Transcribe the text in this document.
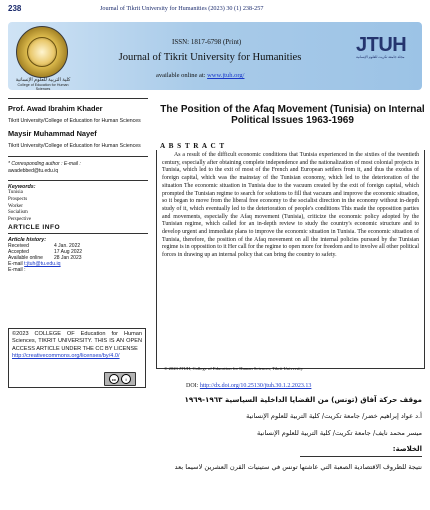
238	Journal of Tikrit University for Humanities (2023) 30 (1) 238-257
كلية التربية للعلوم الإنسانية
College of Education for Human Sciences
ISSN: 1817-6798 (Print)
Journal of Tikrit University for Humanities
available online at: www.jtuh.org/
JTUH
مجلة جامعة تكريت للعلوم الإنسانية
Prof. Awad Ibrahim Khader
Tikrit University/College of Education for Human Sciences
Maysir Muhammad Nayef
Tikrit University/College of Education for Human Sciences
* Corresponding author : E-mail :
awadebbed@tu.edu.iq
Keywords:
Tunisia
Prospects
Worker
Socialism
Perspective
ARTICLE INFO
Article history:
Received	4 Jan. 2022
Accepted	17 Aug 2022
Available online	28 Jan 2023
E-mail t:jtuh@tu.edu.iq
E-mail :
©2023 COLLEGE OF Education for Human Sciences, TIKRIT UNIVERSITY. THIS IS AN OPEN ACCESS ARTICLE UNDER THE CC BY LICENSE
http://creativecommons.org/licenses/by/4.0/
cc	i
The Position of the Afaq Movement (Tunisia) on Internal Political Issues 1963-1969
A B S T R A C T
As a result of the difficult economic conditions that Tunisia experienced in the sixties of the twentieth century, especially after obtaining complete independence and the nationalization of most colonial projects in Tunisia, which led to the exit of most of the French and European settlers from it, and thus the exodus of foreign capital, which was the mainstay of the Tunisian economy, which led to the deterioration of the situation The economic situation in Tunisia due to the vacuum created by the exit of foreign capital, which prompted the Tunisian regime to search for solutions to fill that vacuum and improve the economic situation, so it began to move from the liberal free economy to the socialist direction in the economy without in-depth study of it, which eventually led to the deterioration of people's conditions This made the opposition parties and movements, especially the Afaq movement (Tunisia), criticize the economic policy adopted by the Tunisian regime, which called for an in-depth review to study the country's economic structure and to develop urgent and immediate plans to improve the economic situation in Tunisia. The economic situation of Tunisia, therefore, the position of the Afaq movement on all the internal policies pursued by the Tunisian regime is in opposition to it Her call for the regime to open more for freedom and to involve all other political forces in drawing up an internal policy that can bring the country to safety.
© 2023 JTUH, College of Education for Human Sciences, Tikrit University
DOI: http://dx.doi.org/10.25130/jtuh.30.1.2.2023.13
موقف حركة آفاق (تونس) من القضايا الداخلية السياسية ١٩٦٣-١٩٦٩
أ.د عواد إبراهيم خضر/ جامعة تكريت/ كلية التربية للعلوم الإنسانية
ميسر محمد نايف/ جامعة تكريت/ كلية التربية للعلوم الإنسانية
الخلاصة:
نتيجة للظروف الاقتصادية الصعبة التي عاشتها تونس في ستينيات القرن العشرين لاسيما بعد
